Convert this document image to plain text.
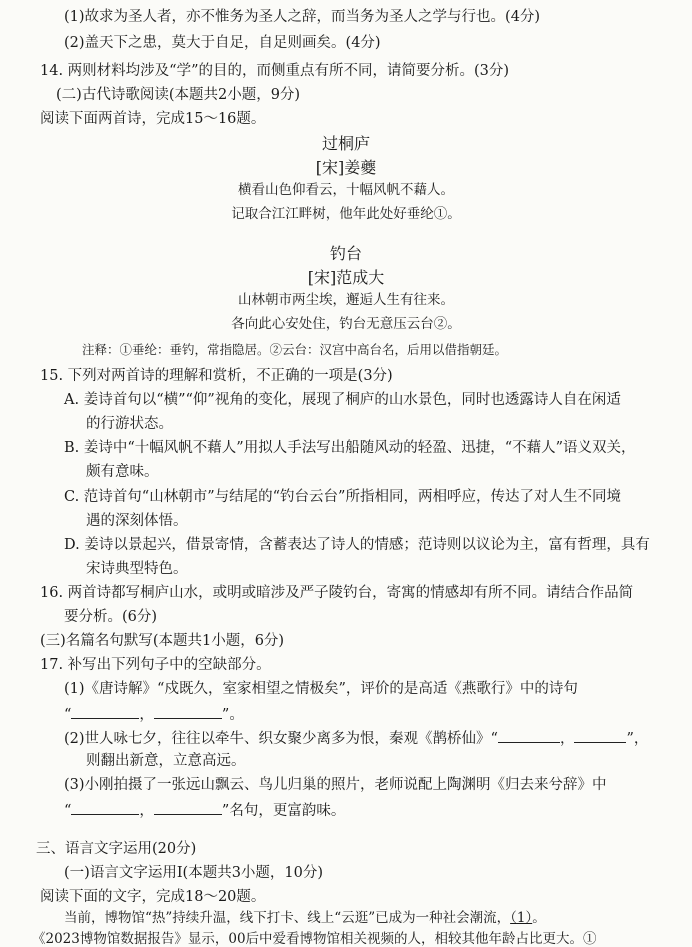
(1)故求为圣人者，亦不惟务为圣人之辞，而当务为圣人之学与行也。(4分)
(2)盖天下之患，莫大于自足，自足则画矣。(4分)
14. 两则材料均涉及“学”的目的，而侧重点有所不同，请简要分析。(3分)
(二)古代诗歌阅读(本题共2小题，9分)
阅读下面两首诗，完成15～16题。
过桐庐
[宋]姜夔
横看山色仰看云，十幅风帆不藉人。
记取合江江畔树，他年此处好垂纶①。
钓台
[宋]范成大
山林朝市两尘埃，邂逅人生有往来。
各向此心安处住，钓台无意压云台②。
注释：①垂纶：垂钓，常指隐居。②云台：汉宫中高台名，后用以借指朝廷。
15. 下列对两首诗的理解和赏析，不正确的一项是(3分)
A. 姜诗首句以“横”“仰”视角的变化，展现了桐庐的山水景色，同时也透露诗人自在闲适
的行游状态。
B. 姜诗中“十幅风帆不藉人”用拟人手法写出船随风动的轻盈、迅捷，“不藉人”语义双关，
颇有意味。
C. 范诗首句“山林朝市”与结尾的“钓台云台”所指相同，两相呼应，传达了对人生不同境
遇的深刻体悟。
D. 姜诗以景起兴，借景寄情，含蓄表达了诗人的情感；范诗则以议论为主，富有哲理，具有
宋诗典型特色。
16. 两首诗都写桐庐山水，或明或暗涉及严子陵钓台，寄寓的情感却有所不同。请结合作品简
要分析。(6分)
(三)名篇名句默写(本题共1小题，6分)
17. 补写出下列句子中的空缺部分。
(1)《唐诗解》“戍既久，室家相望之情极矣”，评价的是高适《燕歌行》中的诗句
“	，	”。
(2)世人咏七夕，往往以牵牛、织女聚少离多为恨，秦观《鹊桥仙》“	，	”，
则翻出新意，立意高远。
(3)小刚拍摄了一张远山飘云、鸟儿归巢的照片，老师说配上陶渊明《归去来兮辞》中
“	，	”名句，更富韵味。
三、语言文字运用(20分)
(一)语言文字运用Ⅰ(本题共3小题，10分)
阅读下面的文字，完成18～20题。
当前，博物馆“热”持续升温，线下打卡、线上“云逛”已成为一种社会潮流，（1）。
《2023博物馆数据报告》显示，00后中爱看博物馆相关视频的人，相较其他年龄占比更大。①
